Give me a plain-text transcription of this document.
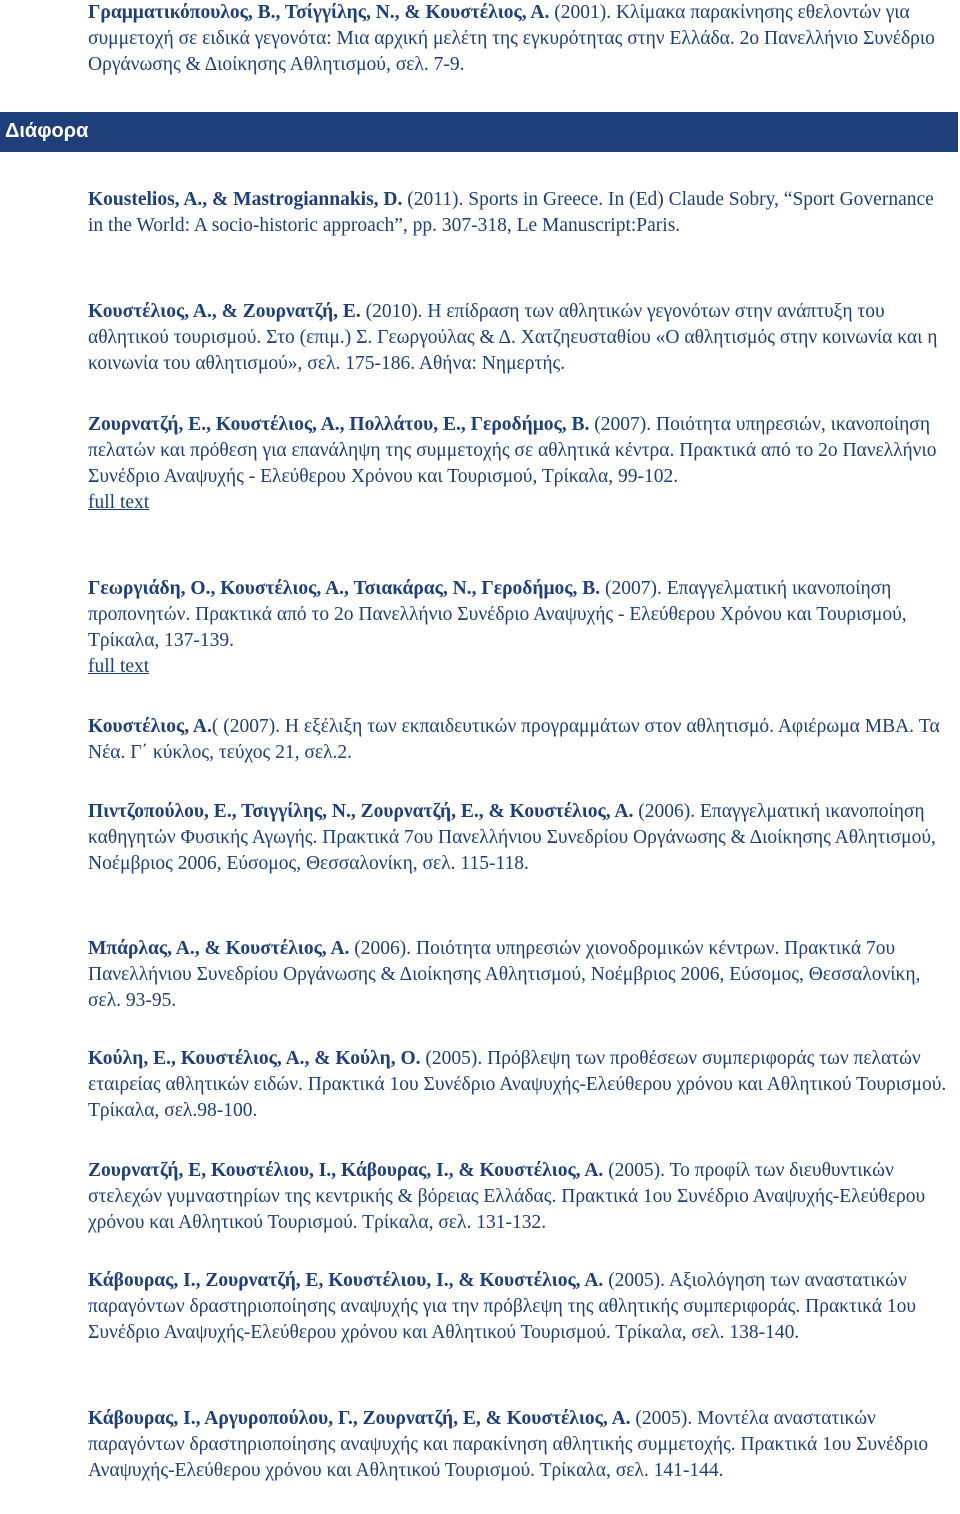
Γραμματικόπουλος, Β., Τσίγγίλης, Ν., & Κουστέλιος, Α. (2001). Κλίμακα παρακίνησης εθελοντών για συμμετοχή σε ειδικά γεγονότα: Μια αρχική μελέτη της εγκυρότητας στην Ελλάδα. 2ο Πανελλήνιο Συνέδριο Οργάνωσης & Διοίκησης Αθλητισμού, σελ. 7-9.

Διάφορα

Koustelios, A., & Mastrogiannakis, D. (2011). Sports in Greece. In (Ed) Claude Sobry, “Sport Governance in the World: A socio-historic approach”, pp. 307-318, Le Manuscript:Paris.

Κουστέλιος, Α., & Ζουρνατζή, Ε. (2010). Η επίδραση των αθλητικών γεγονότων στην ανάπτυξη του αθλητικού τουρισμού. Στο (επιμ.) Σ. Γεωργούλας & Δ. Χατζηευσταθίου «Ο αθλητισμός στην κοινωνία και η κοινωνία του αθλητισμού», σελ. 175-186. Αθήνα: Νημερτής.

Ζουρνατζή, Ε., Κουστέλιος, Α., Πολλάτου, Ε., Γεροδήμος, Β. (2007). Ποιότητα υπηρεσιών, ικανοποίηση πελατών και πρόθεση για επανάληψη της συμμετοχής σε αθλητικά κέντρα. Πρακτικά από το 2ο Πανελλήνιο Συνέδριο Αναψυχής - Ελεύθερου Χρόνου και Τουρισμού, Τρίκαλα, 99-102.
full text

Γεωργιάδη, Ο., Κουστέλιος, Α., Τσιακάρας, Ν., Γεροδήμος, Β. (2007). Επαγγελματική ικανοποίηση προπονητών. Πρακτικά από το 2ο Πανελλήνιο Συνέδριο Αναψυχής - Ελεύθερου Χρόνου και Τουρισμού, Τρίκαλα, 137-139.
full text

Κουστέλιος, Α.( (2007). Η εξέλιξη των εκπαιδευτικών προγραμμάτων στον αθλητισμό. Αφιέρωμα MBA. Τα Νέα. Γ΄ κύκλος, τεύχος 21, σελ.2.

Πιντζοπούλου, Ε., Τσιγγίλης, Ν., Ζουρνατζή, Ε., & Κουστέλιος, Α. (2006). Επαγγελματική ικανοποίηση καθηγητών Φυσικής Αγωγής. Πρακτικά 7ου Πανελλήνιου Συνεδρίου Οργάνωσης & Διοίκησης Αθλητισμού, Νοέμβριος 2006, Εύσομος, Θεσσαλονίκη, σελ. 115-118.

Μπάρλας, Α., & Κουστέλιος, Α. (2006). Ποιότητα υπηρεσιών χιονοδρομικών κέντρων. Πρακτικά 7ου Πανελλήνιου Συνεδρίου Οργάνωσης & Διοίκησης Αθλητισμού, Νοέμβριος 2006, Εύσομος, Θεσσαλονίκη, σελ. 93-95.

Κούλη, Ε., Κουστέλιος, Α., & Κούλη, Ο. (2005). Πρόβλεψη των προθέσεων συμπεριφοράς των πελατών εταιρείας αθλητικών ειδών. Πρακτικά 1ου Συνέδριο Αναψυχής-Ελεύθερου χρόνου και Αθλητικού Τουρισμού. Τρίκαλα, σελ.98-100.

Ζουρνατζή, Ε, Κουστέλιου, Ι., Κάβουρας, Ι., & Κουστέλιος, Α. (2005). Το προφίλ των διευθυντικών στελεχών γυμναστηρίων της κεντρικής & βόρειας Ελλάδας. Πρακτικά 1ου Συνέδριο Αναψυχής-Ελεύθερου χρόνου και Αθλητικού Τουρισμού. Τρίκαλα, σελ. 131-132.

Κάβουρας, Ι., Ζουρνατζή, Ε, Κουστέλιου, Ι., & Κουστέλιος, Α. (2005). Αξιολόγηση των αναστατικών παραγόντων δραστηριοποίησης αναψυχής για την πρόβλεψη της αθλητικής συμπεριφοράς. Πρακτικά 1ου Συνέδριο Αναψυχής-Ελεύθερου χρόνου και Αθλητικού Τουρισμού. Τρίκαλα, σελ. 138-140.

Κάβουρας, Ι., Αργυροπούλου, Γ., Ζουρνατζή, Ε, & Κουστέλιος, Α. (2005). Μοντέλα αναστατικών παραγόντων δραστηριοποίησης αναψυχής και παρακίνηση αθλητικής συμμετοχής. Πρακτικά 1ου Συνέδριο Αναψυχής-Ελεύθερου χρόνου και Αθλητικού Τουρισμού. Τρίκαλα, σελ. 141-144.
